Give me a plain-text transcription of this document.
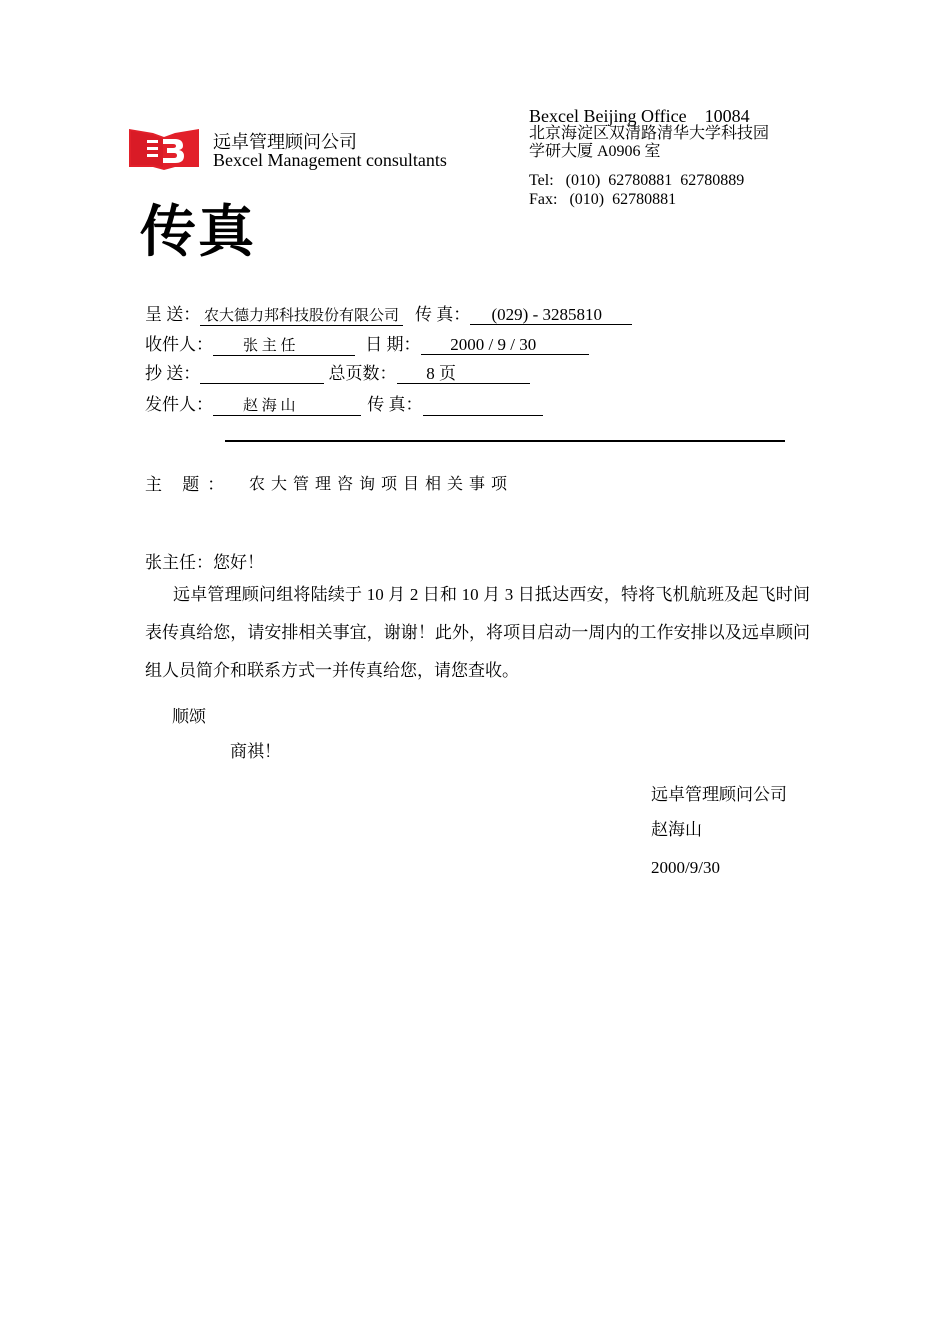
远卓管理顾问公司
Bexcel Management consultants
Bexcel Beijing Office 10084
北京海淀区双清路清华大学科技园
学研大厦 A0906 室
Tel:   (010)  62780881  62780889
Fax:   (010)  62780881
传真
呈 送： 农大德力邦科技股份有限公司  传 真：     (029) - 3285810
收件人：        张 主 任           日 期：       2000 / 9 / 30
抄 送：	总页数：       8 页
发件人：        赵 海 山          传 真：
主 题： 农大管理咨询项目相关事项
张主任：您好！
远卓管理顾问组将陆续于 10 月 2 日和 10 月 3 日抵达西安，特将飞机航班及起飞时间表传真给您，请安排相关事宜，谢谢！此外，将项目启动一周内的工作安排以及远卓顾问组人员简介和联系方式一并传真给您，请您查收。
顺颂
商祺！
远卓管理顾问公司
赵海山
2000/9/30
